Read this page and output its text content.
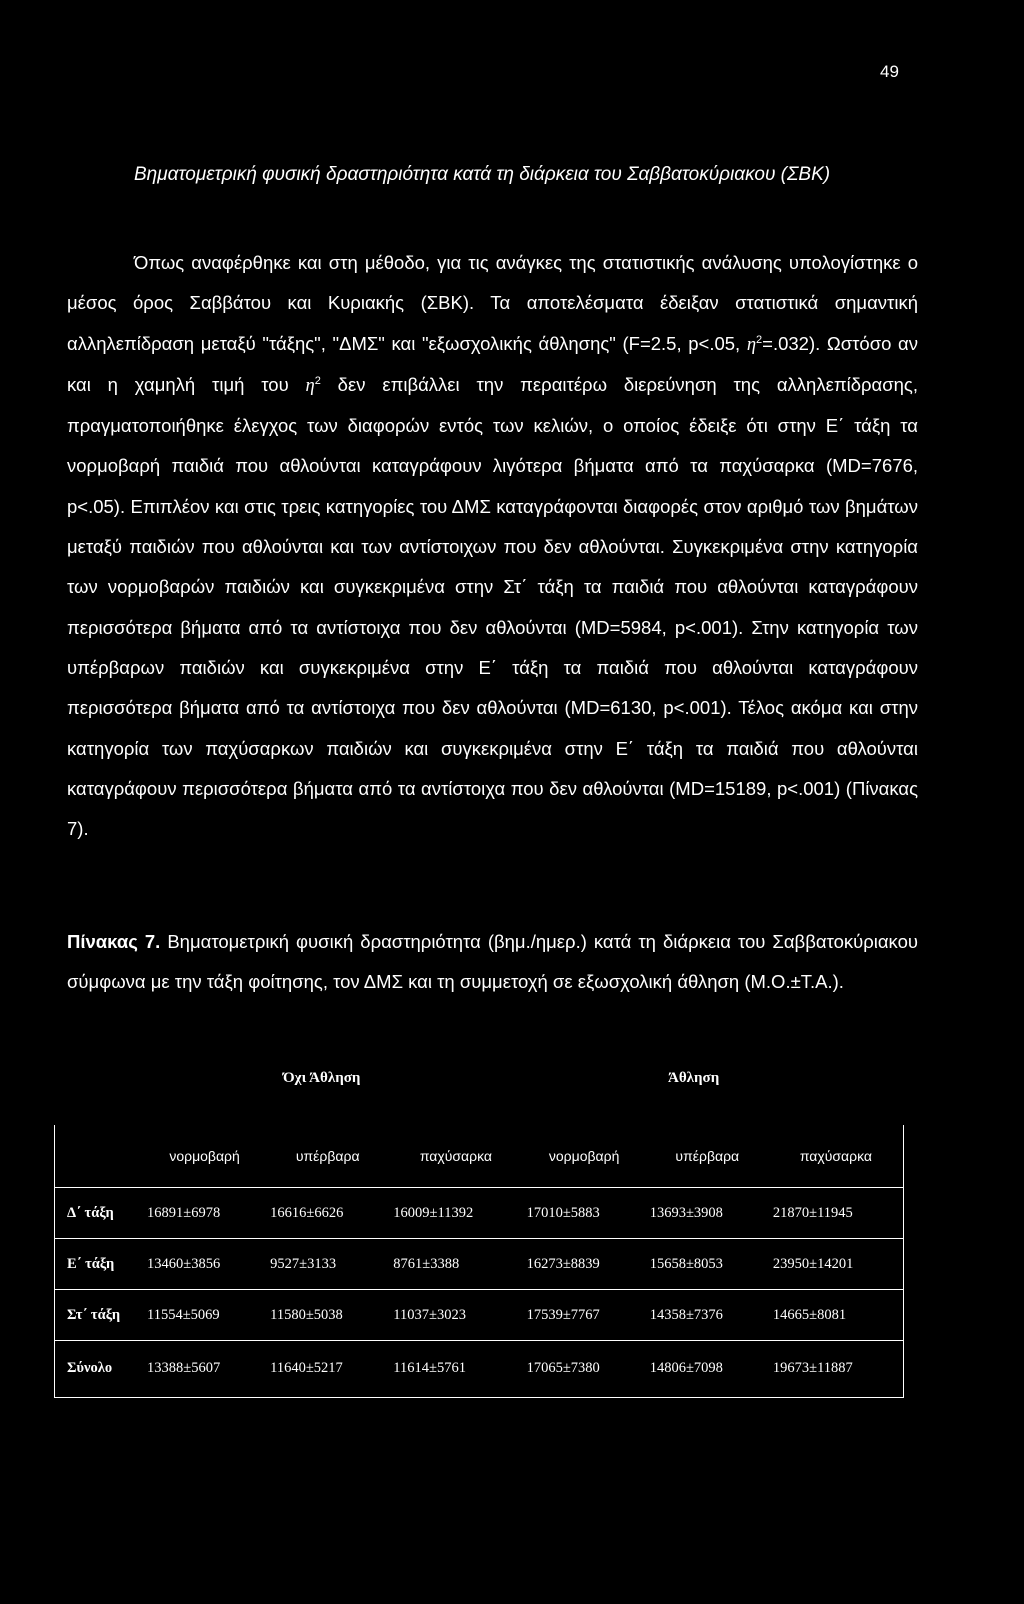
49
Βηματομετρική φυσική δραστηριότητα κατά τη διάρκεια του Σαββατοκύριακου (ΣΒΚ)
Όπως αναφέρθηκε και στη μέθοδο, για τις ανάγκες της στατιστικής ανάλυσης υπολογίστηκε ο μέσος όρος Σαββάτου και Κυριακής (ΣΒΚ). Τα αποτελέσματα έδειξαν στατιστικά σημαντική αλληλεπίδραση μεταξύ "τάξης", "ΔΜΣ" και "εξωσχολικής άθλησης" (F=2.5, p<.05, $\eta^2=.032$). Ωστόσο αν και η χαμηλή τιμή του $\eta^2$ δεν επιβάλλει την περαιτέρω διερεύνηση της αλληλεπίδρασης, πραγματοποιήθηκε έλεγχος των διαφορών εντός των κελιών, ο οποίος έδειξε ότι στην Ε΄ τάξη τα νορμοβαρή παιδιά που αθλούνται καταγράφουν λιγότερα βήματα από τα παχύσαρκα (MD=7676, p<.05). Επιπλέον και στις τρεις κατηγορίες του ΔΜΣ καταγράφονται διαφορές στον αριθμό των βημάτων μεταξύ παιδιών που αθλούνται και των αντίστοιχων που δεν αθλούνται. Συγκεκριμένα στην κατηγορία των νορμοβαρών παιδιών και συγκεκριμένα στην Στ΄ τάξη τα παιδιά που αθλούνται καταγράφουν περισσότερα βήματα από τα αντίστοιχα που δεν αθλούνται (MD=5984, p<.001). Στην κατηγορία των υπέρβαρων παιδιών και συγκεκριμένα στην Ε΄ τάξη τα παιδιά που αθλούνται καταγράφουν περισσότερα βήματα από τα αντίστοιχα που δεν αθλούνται (MD=6130, p<.001). Τέλος ακόμα και στην κατηγορία των παχύσαρκων παιδιών και συγκεκριμένα στην Ε΄ τάξη τα παιδιά που αθλούνται καταγράφουν περισσότερα βήματα από τα αντίστοιχα που δεν αθλούνται (MD=15189, p<.001) (Πίνακας 7).
Πίνακας 7. Βηματομετρική φυσική δραστηριότητα (βημ./ημερ.) κατά τη διάρκεια του Σαββατοκύριακου σύμφωνα με την τάξη φοίτησης, τον ΔΜΣ και τη συμμετοχή σε εξωσχολική άθληση (Μ.Ο.±Τ.Α.).
Όχι Άθληση	Άθληση
	νορμοβαρή	υπέρβαρα	παχύσαρκα	νορμοβαρή	υπέρβαρα	παχύσαρκα
Δ΄ τάξη	16891±6978	16616±6626	16009±11392	17010±5883	13693±3908	21870±11945
Ε΄ τάξη	13460±3856	9527±3133	8761±3388	16273±8839	15658±8053	23950±14201
Στ΄ τάξη	11554±5069	11580±5038	11037±3023	17539±7767	14358±7376	14665±8081
Σύνολο	13388±5607	11640±5217	11614±5761	17065±7380	14806±7098	19673±11887
